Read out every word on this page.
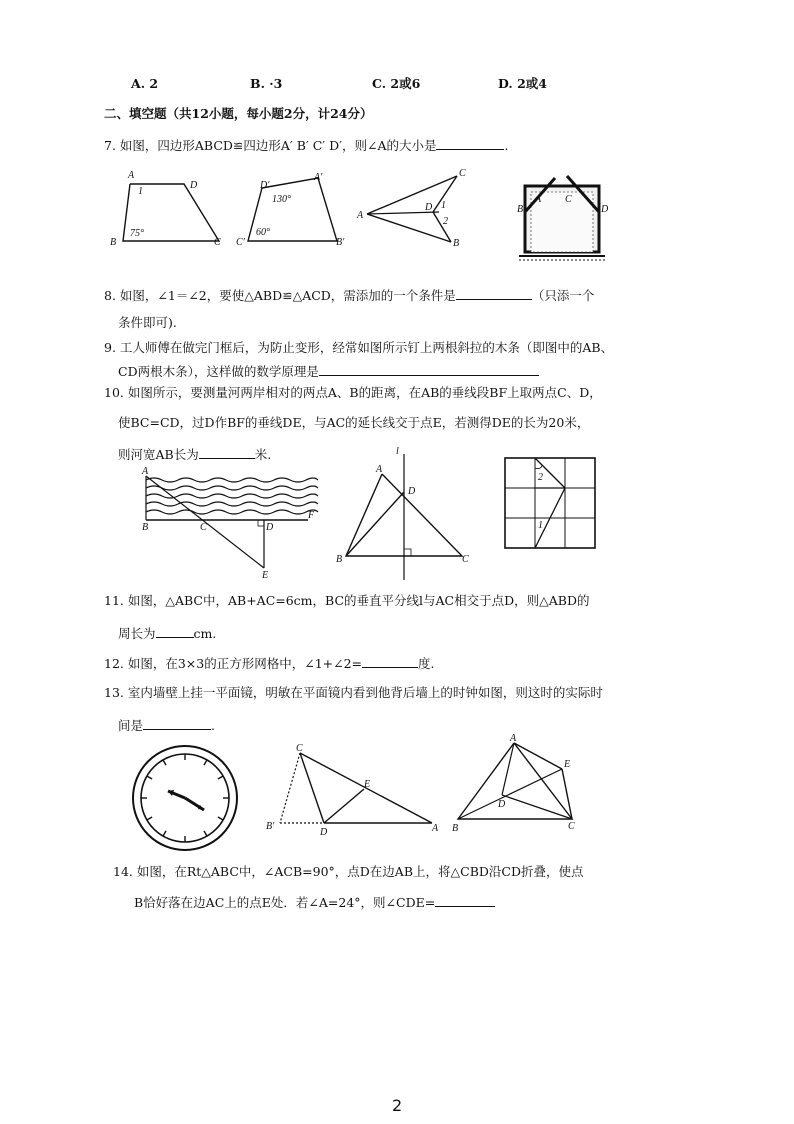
A. 2	B. ·3	C. 2或6	D. 2或4
二、填空题（共12小题，每小题2分，计24分）
7. 如图，四边形ABCD≌四边形A′ B′ C′ D′，则∠A的大小是	.
A
D
B	C
1
75°
D′
A′
C′	B′
130°
60°
A
C
B
D 1
2
A C
B	D
8. 如图，∠1＝∠2，要使△ABD≌△ACD，需添加的一个条件是	（只添一个
条件即可).
9. 工人师傅在做完门框后，为防止变形，经常如图所示钉上两根斜拉的木条（即图中的AB、
CD两根木条），这样做的数学原理是
10. 如图所示，要测量河两岸相对的两点A、B的距离，在AB的垂线段BF上取两点C、D，
使BC=CD，过D作BF的垂线DE，与AC的延长线交于点E，若测得DE的长为20米，
则河宽AB长为	米.
A
B	C	D
E
F
l
A
D
B	C
2
1
11. 如图，△ABC中，AB+AC=6cm，BC的垂直平分线l与AC相交于点D，则△ABD的
周长为	cm.
12. 如图，在3×3的正方形网格中，∠1+∠2=	度.
13. 室内墙壁上挂一平面镜，明敏在平面镜内看到他背后墙上的时钟如图，则这时的实际时
间是	.
C
E
B′
D	A
A
E
D
B	C
14. 如图，在Rt△ABC中，∠ACB=90°，点D在边AB上，将△CBD沿CD折叠，使点
B恰好落在边AC上的点E处．若∠A=24°，则∠CDE=
2
